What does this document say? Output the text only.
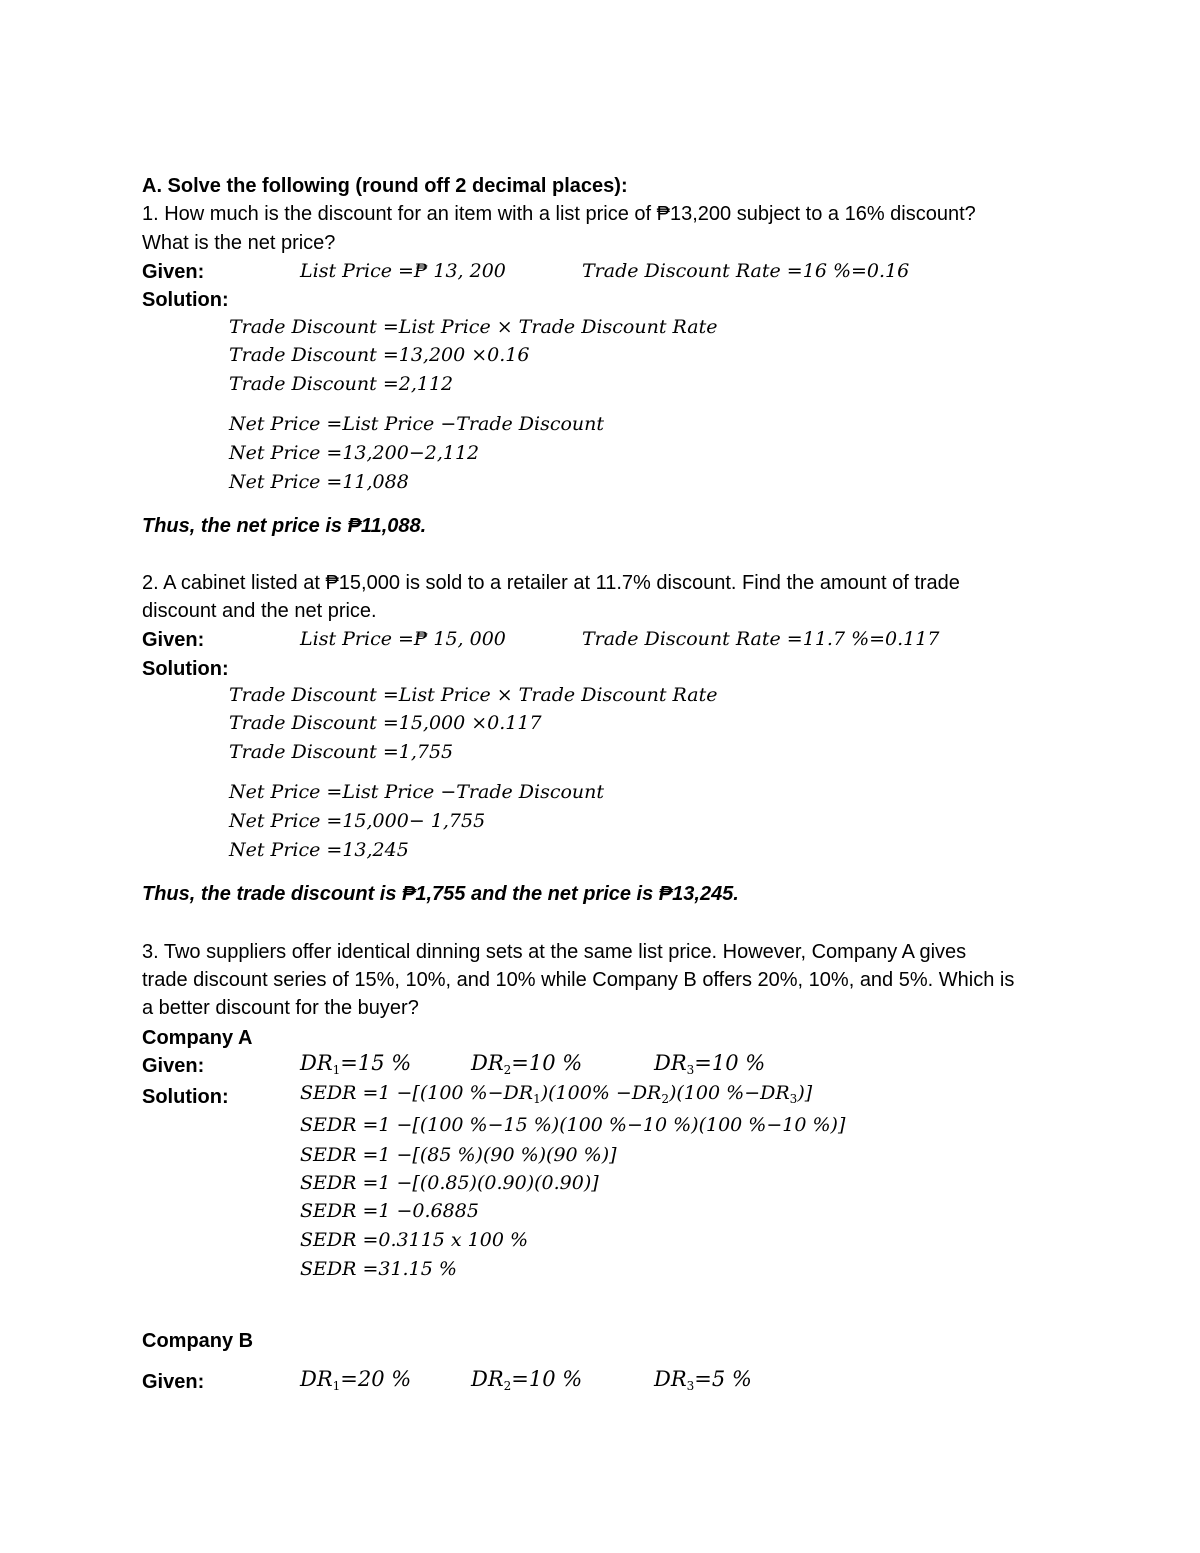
A. Solve the following (round off 2 decimal places):
1. How much is the discount for an item with a list price of ₱13,200 subject to a 16% discount?
What is the net price?
Given:	List Price =₱ 13, 200	Trade Discount Rate =16 %=0.16
Solution:
Trade Discount =List Price × Trade Discount Rate
Trade Discount =13,200 ×0.16
Trade Discount =2,112
Net Price =List Price −Trade Discount
Net Price =13,200−2,112
Net Price =11,088
Thus, the net price is ₱11,088.
2. A cabinet listed at ₱15,000 is sold to a retailer at 11.7% discount. Find the amount of trade
discount and the net price.
Given:	List Price =₱ 15, 000	Trade Discount Rate =11.7 %=0.117
Solution:
Trade Discount =List Price × Trade Discount Rate
Trade Discount =15,000 ×0.117
Trade Discount =1,755
Net Price =List Price −Trade Discount
Net Price =15,000− 1,755
Net Price =13,245
Thus, the trade discount is ₱1,755 and the net price is ₱13,245.
3. Two suppliers offer identical dinning sets at the same list price. However, Company A gives
trade discount series of 15%, 10%, and 10% while Company B offers 20%, 10%, and 5%. Which is
a better discount for the buyer?
Company A
Given:	$DR_1=15$ %	$DR_2=10$ %	$DR_3=10$ %
Solution:	SEDR =1 −[(100 $\%-DR_1)(100\% -DR_2)(100$ $\%-DR_3$)]
SEDR =1 −[(100 %−15 %)(100 %−10 %)(100 %−10 %)]
SEDR =1 −[(85 %)(90 %)(90 %)]
SEDR =1 −[(0.85)(0.90)(0.90)]
SEDR =1 −0.6885
SEDR =0.3115 x 100 %
SEDR =31.15 %
Company B
Given:	$DR_1=20$ %	$DR_2=10$ %	$DR_3=5$ %
